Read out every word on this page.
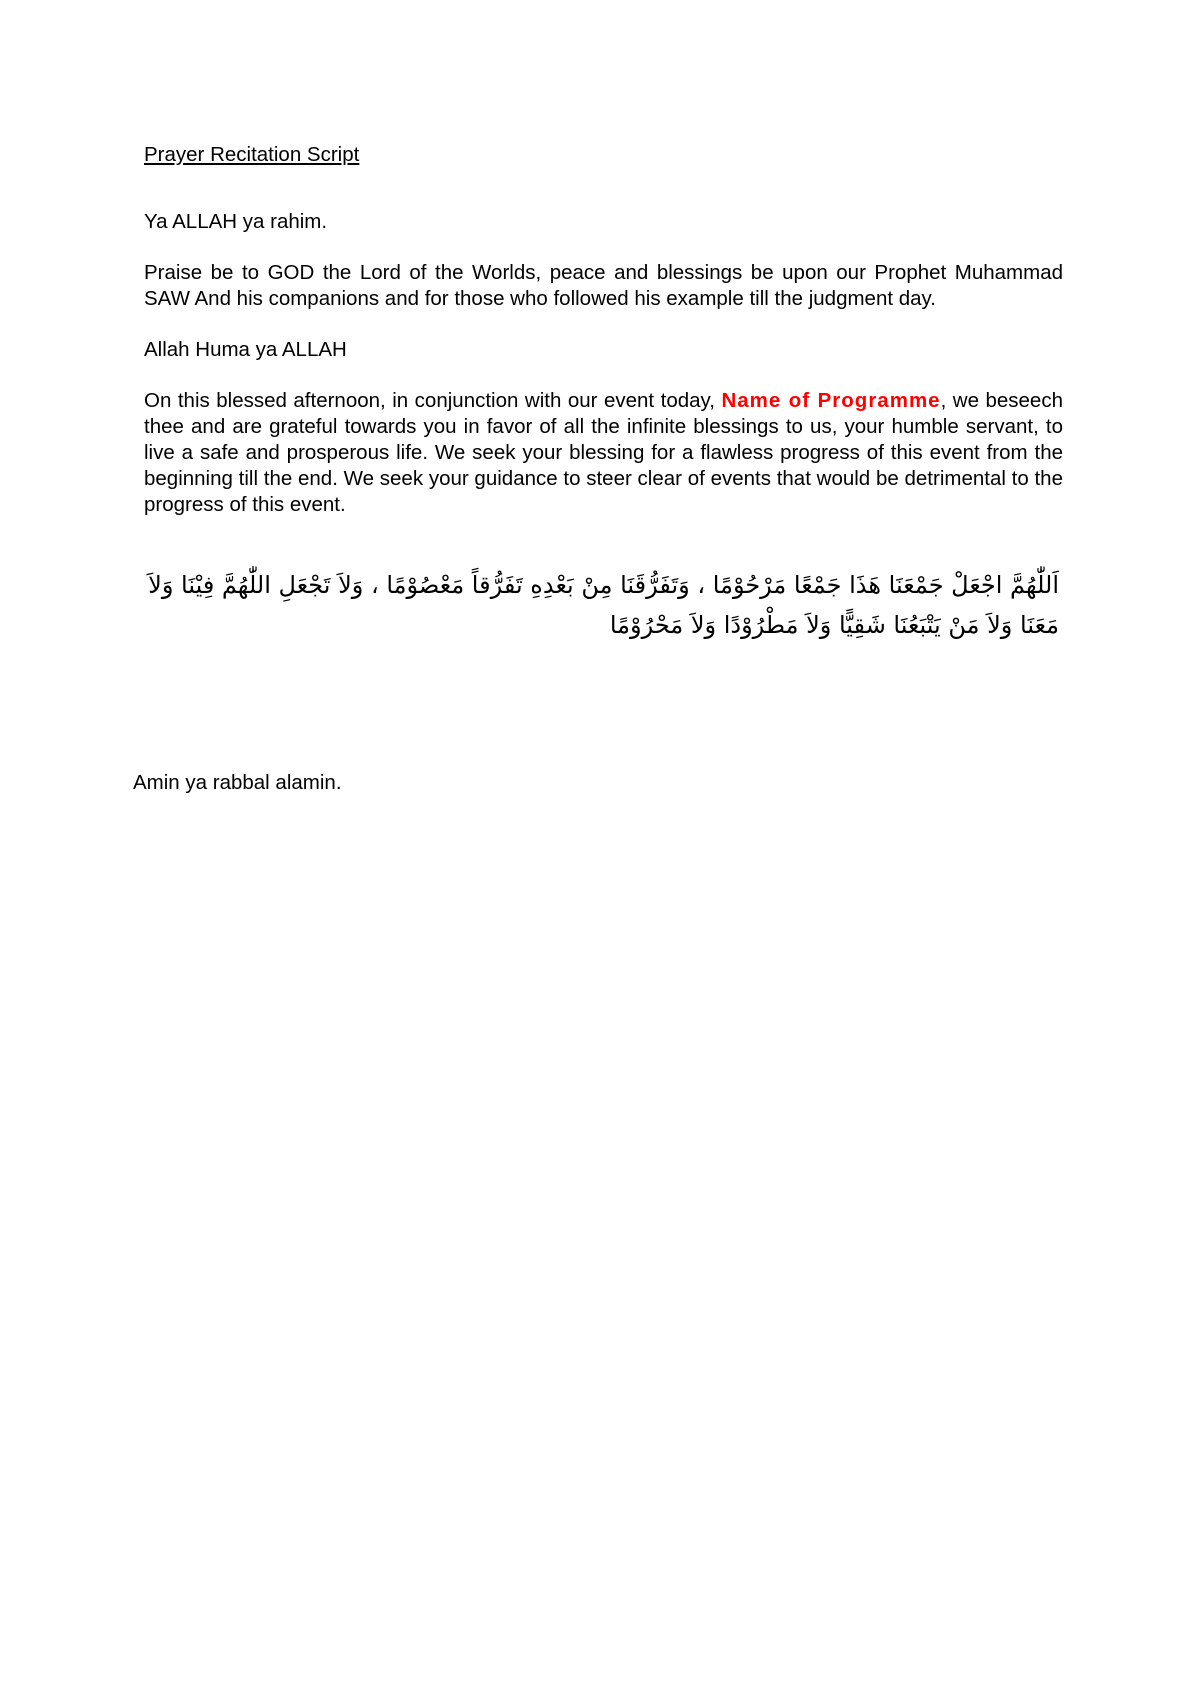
Prayer Recitation Script

Ya ALLAH ya rahim.

Praise be to GOD the Lord of the Worlds, peace and blessings be upon our Prophet Muhammad SAW And his companions and for those who followed his example till the judgment day.

Allah Huma ya ALLAH

On this blessed afternoon, in conjunction with our event today, Name of Programme, we beseech thee and are grateful towards you in favor of all the infinite blessings to us, your humble servant, to live a safe and prosperous life. We seek your blessing for a flawless progress of this event from the beginning till the end. We seek your guidance to steer clear of events that would be detrimental to the progress of this event.

اَللّٰهُمَّ اجْعَلْ جَمْعَنَا هَذَا جَمْعًا مَرْحُوْمًا ، وَتَفَرُّقَنَا مِنْ بَعْدِهِ تَفَرُّقاً مَعْصُوْمًا ، وَلاَ تَجْعَلِ اللّٰهُمَّ فِيْنَا وَلاَ مَعَنَا وَلاَ مَنْ يَتْبَعُنَا شَقِيًّا وَلاَ مَطْرُوْدًا وَلاَ مَحْرُوْمًا

Amin ya rabbal alamin.
